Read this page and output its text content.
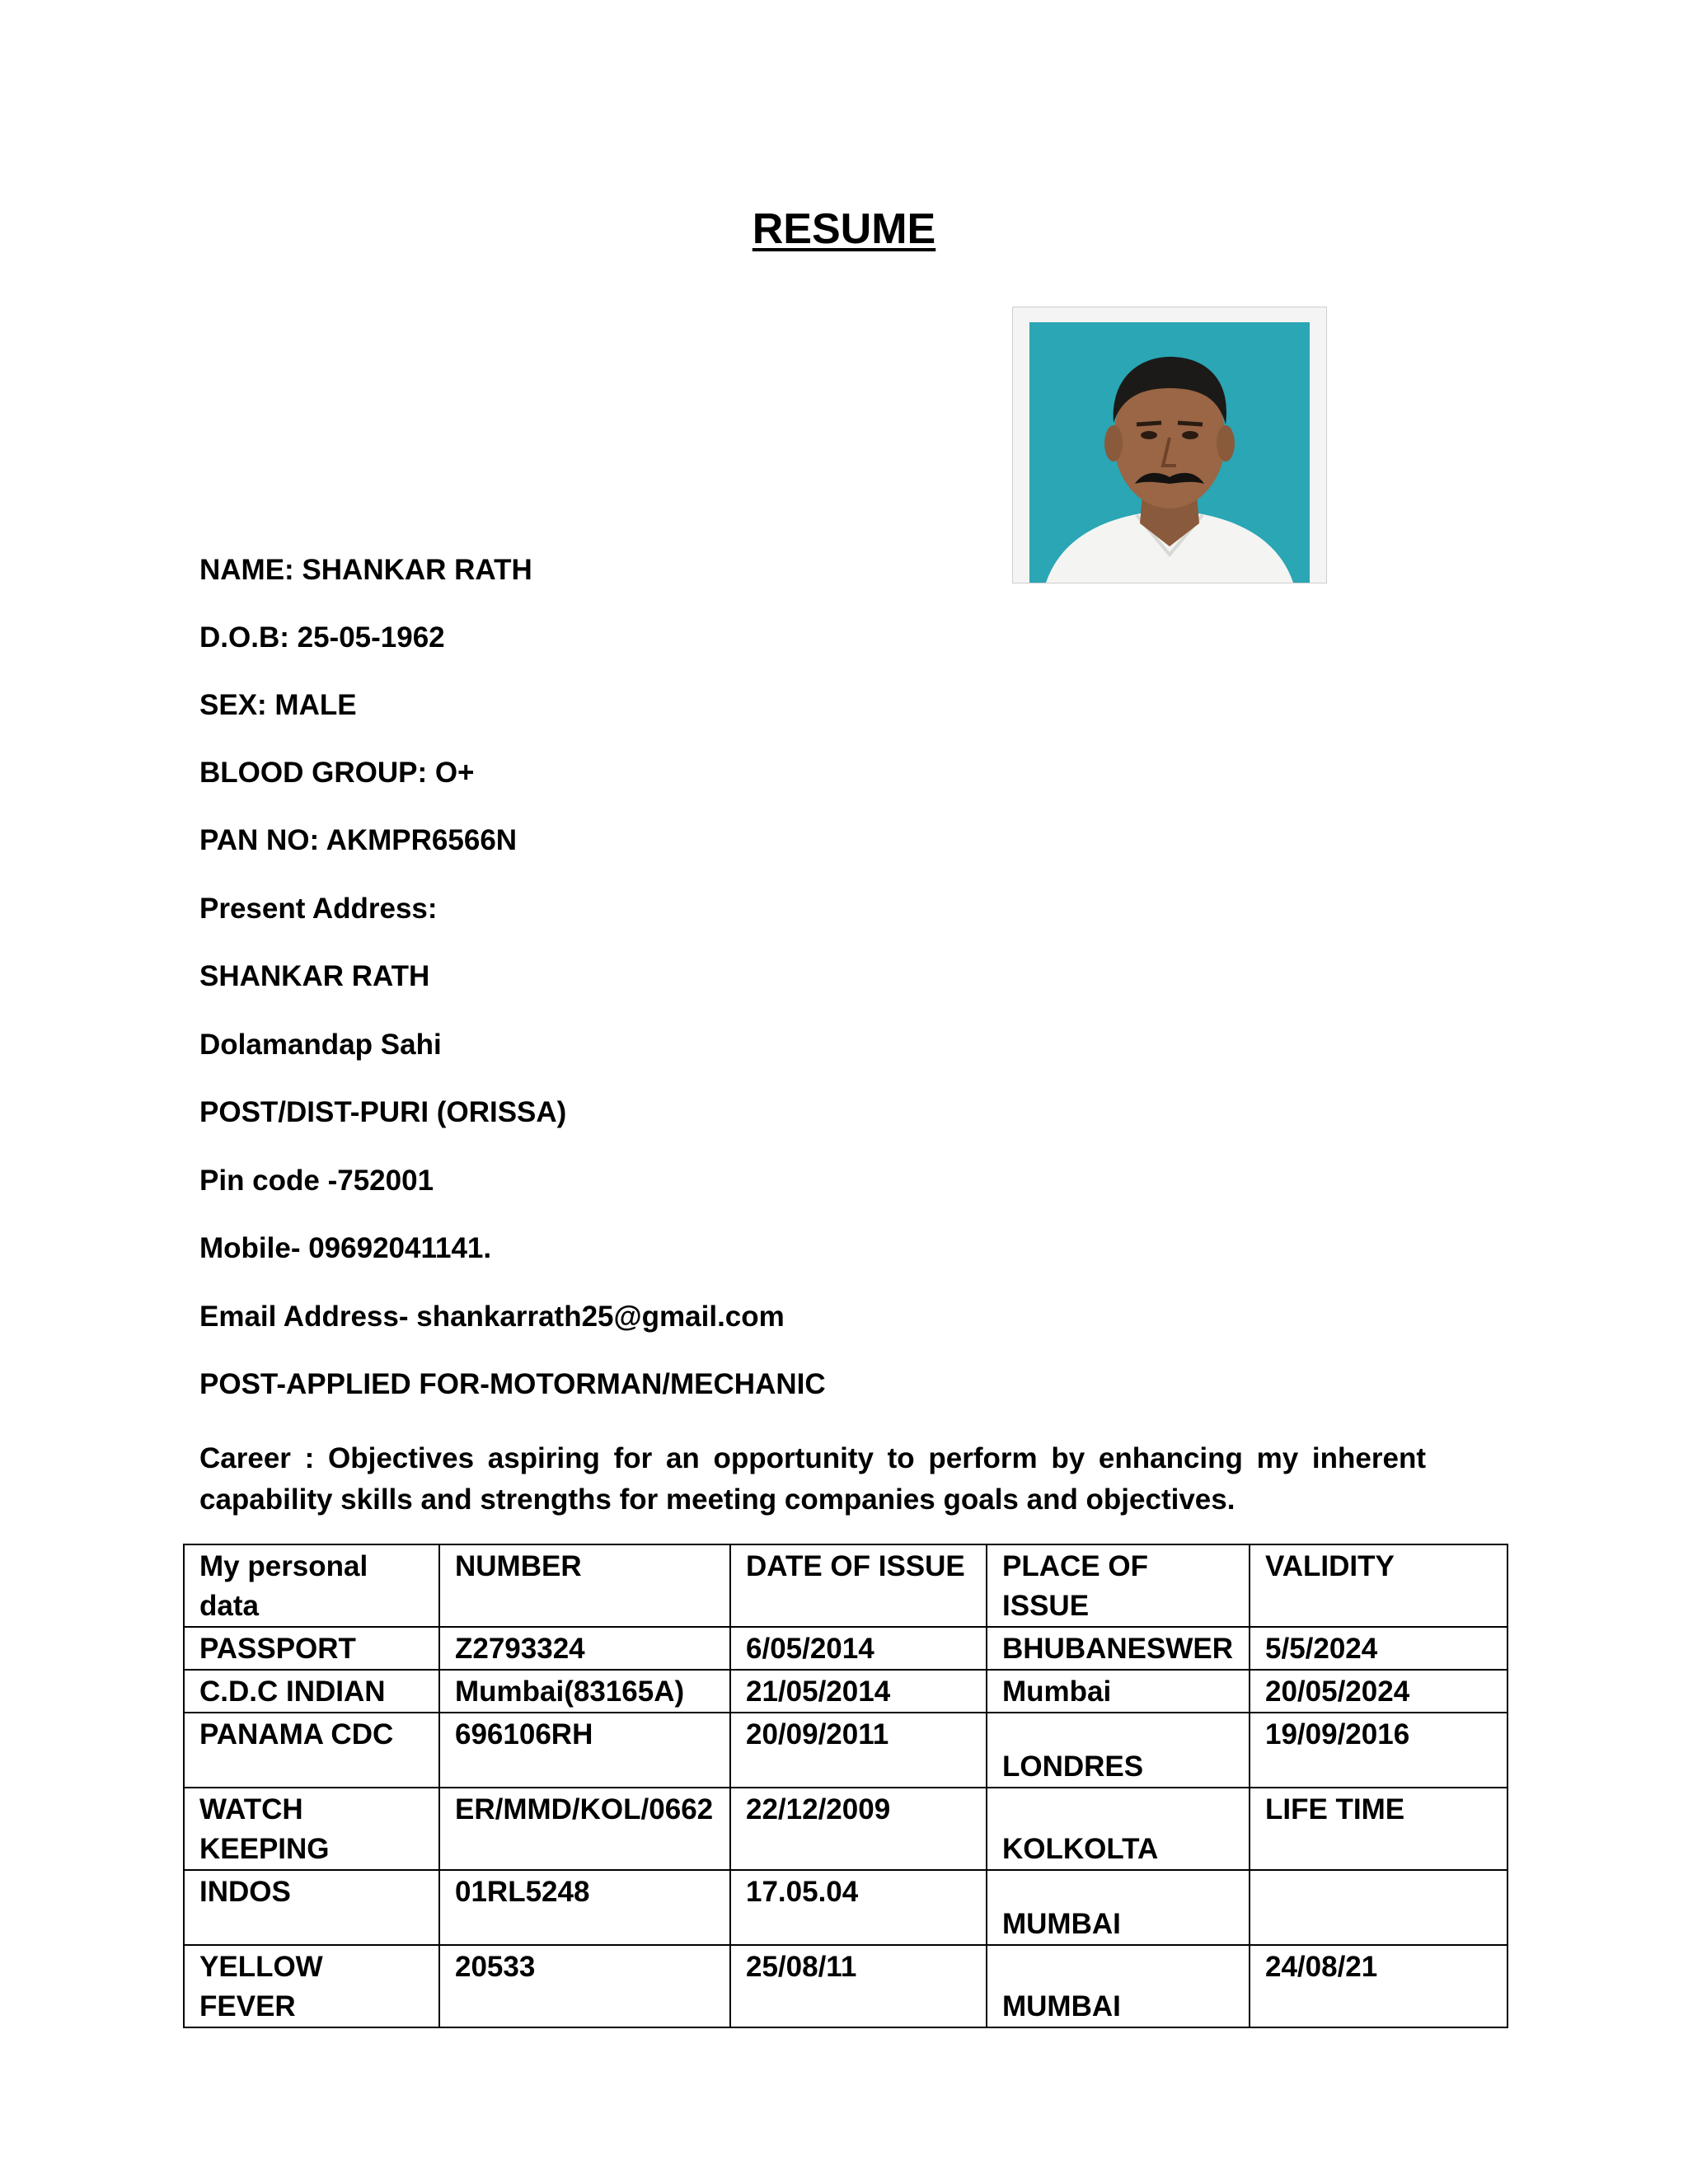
RESUME
NAME: SHANKAR RATH
D.O.B: 25-05-1962
SEX: MALE
BLOOD GROUP: O+
PAN NO: AKMPR6566N
Present Address:
SHANKAR RATH
Dolamandap Sahi
POST/DIST-PURI (ORISSA)
Pin code -752001
Mobile- 09692041141.
Email Address- shankarrath25@gmail.com
POST-APPLIED FOR-MOTORMAN/MECHANIC
Career : Objectives aspiring for an opportunity to perform by enhancing my inherent capability skills and strengths for meeting companies goals and objectives.
My personal data	NUMBER	DATE OF ISSUE	PLACE OF ISSUE	VALIDITY
PASSPORT	Z2793324	6/05/2014	BHUBANESWER	5/5/2024
C.D.C INDIAN	Mumbai(83165A)	21/05/2014	Mumbai	20/05/2024
PANAMA CDC	696106RH	20/09/2011	LONDRES	19/09/2016
WATCH KEEPING	ER/MMD/KOL/0662	22/12/2009	KOLKOLTA	LIFE TIME
INDOS	01RL5248	17.05.04	MUMBAI	
YELLOW FEVER	20533	25/08/11	MUMBAI	24/08/21
